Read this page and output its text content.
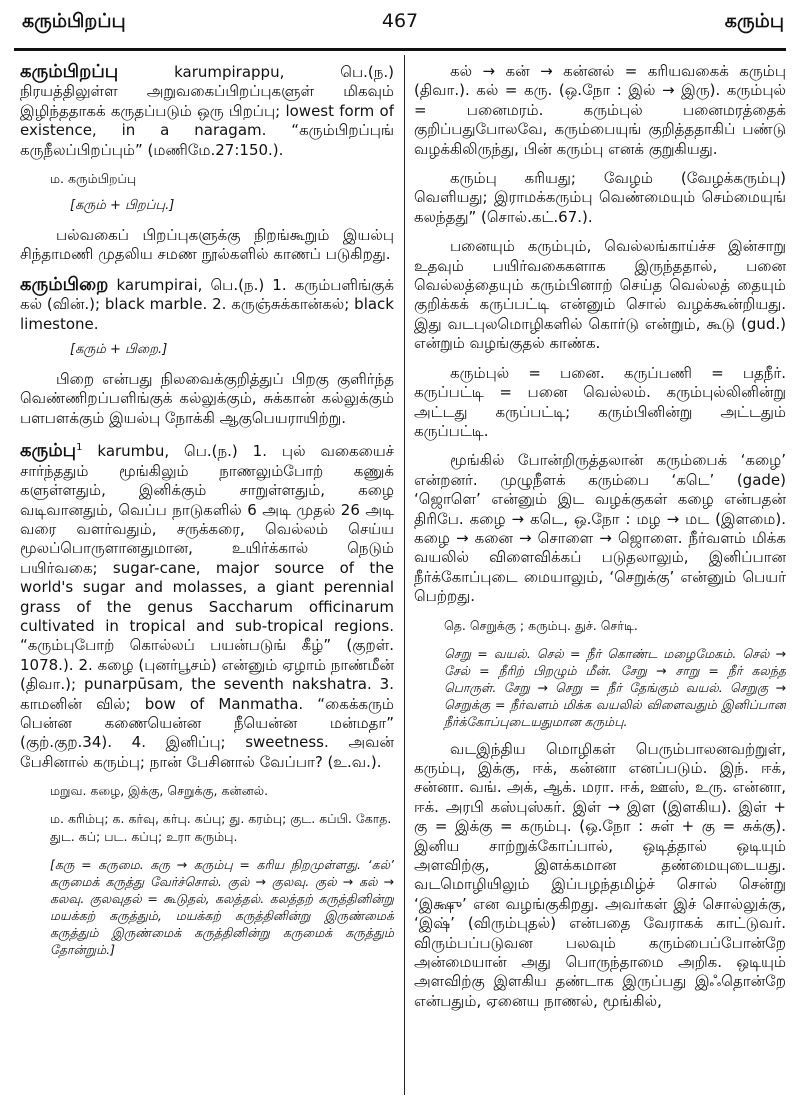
கரும்பிறப்பு	467	கரும்பு

கரும்பிறப்பு karumpirappu, பெ.(ந.) நிரயத்திலுள்ள அறுவகைப்பிறப்புகளுள் மிகவும் இழிந்ததாகக் கருதப்படும் ஒரு பிறப்பு; lowest form of existence, in a naragam. “கரும்பிறப்புங் கருநீலப்பிறப்பும்” (மணிமே.27:150.).

ம. கரும்பிறப்பு

[கரும் + பிறப்பு.]

பல்வகைப் பிறப்புகளுக்கு நிறங்கூறும் இயல்பு சிந்தாமணி முதலிய சமண நூல்களில் காணப் படுகிறது.

கரும்பிறை karumpirai, பெ.(ந.) 1. கரும்பளிங்குக் கல் (வின்.); black marble. 2. கருஞ்சுக்கான்கல்; black limestone.

[கரும் + பிறை.]

பிறை என்பது நிலவைக்குறித்துப் பிறகு குளிர்ந்த வெண்ணிறப்பளிங்குக் கல்லுக்கும், சுக்கான் கல்லுக்கும் பளபளக்கும் இயல்பு நோக்கி ஆகுபெயராயிற்று.

கரும்பு$^1$ karumbu, பெ.(ந.) 1. புல் வகையைச் சார்ந்ததும் மூங்கிலும் நாணலும்போற் கணுக் களுள்ளதும், இனிக்கும் சாறுள்ளதும், கழை வடிவானதும், வெப்ப நாடுகளில் 6 அடி முதல் 26 அடி வரை வளர்வதும், சருக்கரை, வெல்லம் செய்ய மூலப்பொருளானதுமான, உயிர்க்கால் நெடும் பயிர்வகை; sugar-cane, major source of the world's sugar and molasses, a giant perennial grass of the genus Saccharum officinarum cultivated in tropical and sub-tropical regions. “கரும்புபோற் கொல்லப் பயன்படுங் கீழ்” (குறள். 1078.). 2. கழை (புனர்பூசம்) என்னும் ஏழாம் நாண்மீன் (திவா.); punarpūsam, the seventh nakshatra. 3. காமனின் வில்; bow of Manmatha. “கைக்கரும் பென்ன கணையென்ன நீயென்ன மன்மதா” (குற்.குற.34). 4. இனிப்பு; sweetness. அவன் பேசினால் கரும்பு; நான் பேசினால் வேப்பா? (உ.வ.).

மறுவ. கழை, இக்கு, செறுக்கு, கன்னல்.

ம. கரிம்பு; க. கர்வு, கர்பு. கப்பு; து. கரம்பு; குட. கப்பி. கோத. துட. கப்; பட. கப்பு; உரா கரும்பு.

[கரு = கருமை. கரு → கரும்பு = கரிய நிறமுள்ளது. ‘கல்’ கருமைக் கருத்து வேர்ச்சொல். குல் → குலவு. குல் → கல் → கலவு. குலவுதல் = கூடுதல், கலத்தல். கலத்தற் கருத்தினின்று மயக்கற் கருத்தும், மயக்கற் கருத்தினின்று இருண்மைக் கருத்தும் இருண்மைக் கருத்தினின்று கருமைக் கருத்தும் தோன்றும்.]

கல் → கன் → கன்னல் = கரியவகைக் கரும்பு (திவா.). கல் = கரு. (ஒ.நோ : இல் → இரு). கரும்புல் = பனைமரம். கரும்புல் பனைமரத்தைக் குறிப்பதுபோலவே, கரும்பையுங் குறித்ததாகிப் பண்டு வழக்கிலிருந்து, பின் கரும்பு எனக் குறுகியது.

கரும்பு கரியது; வேழம் (வேழக்கரும்பு) வெளியது; இராமக்கரும்பு வெண்மையும் செம்மையுங் கலந்தது” (சொல்.கட்.67.).

பனையும் கரும்பும், வெல்லங்காய்ச்ச இன்சாறு உதவும் பயிர்வகைகளாக இருந்ததால், பனை வெல்லத்தையும் கரும்பினாற் செய்த வெல்லத் தையும் குறிக்கக் கருப்பட்டி என்னும் சொல் வழக்கூன்றியது. இது வடபுலமொழிகளில் கொர்டு என்றும், கூடு (gud.) என்றும் வழங்குதல் காண்க.

கரும்புல் = பனை. கருப்பணி = பதநீர். கருப்பட்டி = பனை வெல்லம். கரும்புல்லினின்று அட்டது கருப்பட்டி; கரும்பினின்று அட்டதும் கருப்பட்டி.

மூங்கில் போன்றிருத்தலான் கரும்பைக் ‘கழை’ என்றனர். முழுநீளக் கரும்பை ‘கடெ’ (gade) ‘ஜொளெ’ என்னும் இட வழக்குகள் கழை என்பதன் திரிபே. கழை → கடெ, ஒ.நோ : மழ → மட (இளமை). கழை → கனை → சொளை → ஜொளை. நீர்வளம் மிக்க வயலில் விளைவிக்கப் படுதலாலும், இனிப்பான நீர்க்கோப்புடை மையாலும், ‘செறுக்கு’ என்னும் பெயர் பெற்றது.

தெ. செறுக்கு ; கரும்பு. துச். செர்டி.

செறு = வயல். செல் = நீர் கொண்ட மழைமேகம். செல் → சேல் = நீரிற் பிறழும் மீன். சேறு → சாறு = நீர் கலந்த பொருள். சேறு → செறு = நீர் தேங்கும் வயல். செறுகு → செறுக்கு = நீர்வளம் மிக்க வயலில் விளைவதும் இனிப்பான நீர்க்கோப்புடையதுமான கரும்பு.

வடஇந்திய மொழிகள் பெரும்பாலனவற்றுள், கரும்பு, இக்கு, ஈக், கன்னா எனப்படும். இந். ஈக், சன்னா. வங். அக், ஆக். மரா. ஈக், ஊஸ், உரு. என்னா, ஈக். அரபி கஸ்புஸ்கர். இள் → இள (இளகிய). இள் + கு = இக்கு = கரும்பு. (ஒ.நோ : சுள் + கு = சுக்கு). இனிய சாற்றுக்கோப்பால், ஒடித்தால் ஒடியும் அளவிற்கு, இளக்கமான தண்மையுடையது. வடமொழியிலும் இப்பழந்தமிழ்ச் சொல் சென்று ‘இக்ஷு’ என வழங்குகிறது. அவர்கள் இச் சொல்லுக்கு, ‘இஷ்’ (விரும்புதல்) என்பதை வேராகக் காட்டுவர். விரும்பப்படுவன பலவும் கரும்பைப்போன்றே அன்மையான் அது பொருந்தாமை அறிக. ஒடியும் அளவிற்கு இளகிய தண்டாக இருப்பது இஃதொன்றே என்பதும், ஏனைய நாணல், மூங்கில்,
